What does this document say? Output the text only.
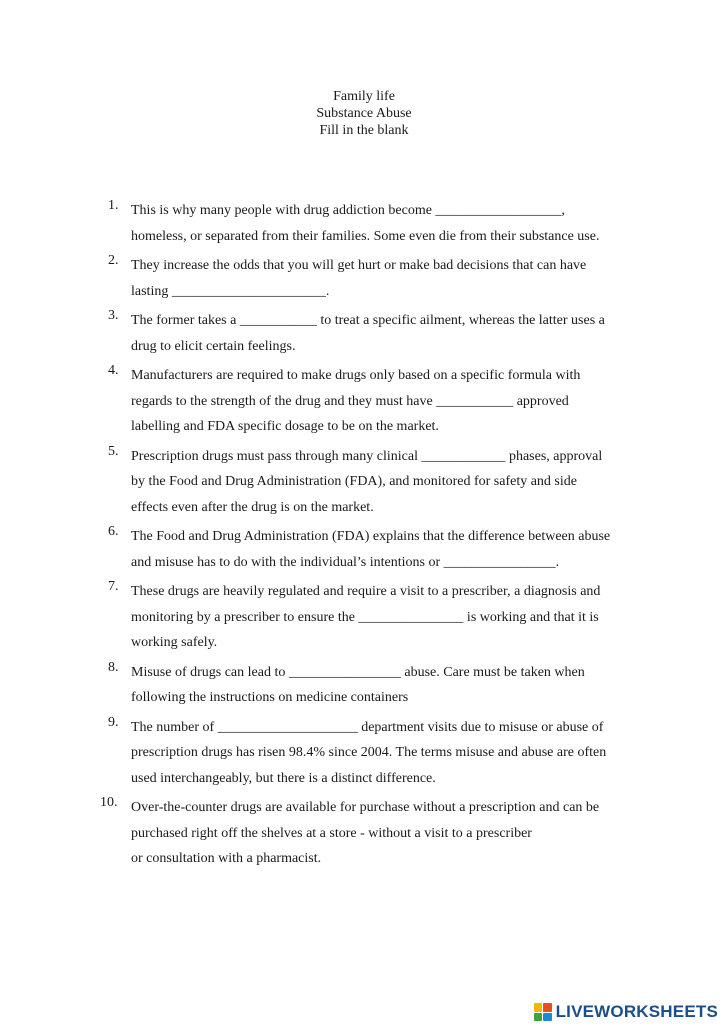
Family life
Substance Abuse
Fill in the blank
1. This is why many people with drug addiction become __________________,
homeless, or separated from their families. Some even die from their substance use.
2. They increase the odds that you will get hurt or make bad decisions that can have
lasting ______________________.
3. The former takes a ___________ to treat a specific ailment, whereas the latter uses a
drug to elicit certain feelings.
4. Manufacturers are required to make drugs only based on a specific formula with
regards to the strength of the drug and they must have ___________ approved
labelling and FDA specific dosage to be on the market.
5. Prescription drugs must pass through many clinical ____________ phases, approval
by the Food and Drug Administration (FDA), and monitored for safety and side
effects even after the drug is on the market.
6. The Food and Drug Administration (FDA) explains that the difference between abuse
and misuse has to do with the individual’s intentions or ________________.
7. These drugs are heavily regulated and require a visit to a prescriber, a diagnosis and
monitoring by a prescriber to ensure the _______________ is working and that it is
working safely.
8. Misuse of drugs can lead to ________________ abuse. Care must be taken when
following the instructions on medicine containers
9. The number of ____________________ department visits due to misuse or abuse of
prescription drugs has risen 98.4% since 2004. The terms misuse and abuse are often
used interchangeably, but there is a distinct difference.
10. Over-the-counter drugs are available for purchase without a prescription and can be
purchased right off the shelves at a store - without a visit to a prescriber
or consultation with a pharmacist.
LIVEWORKSHEETS
